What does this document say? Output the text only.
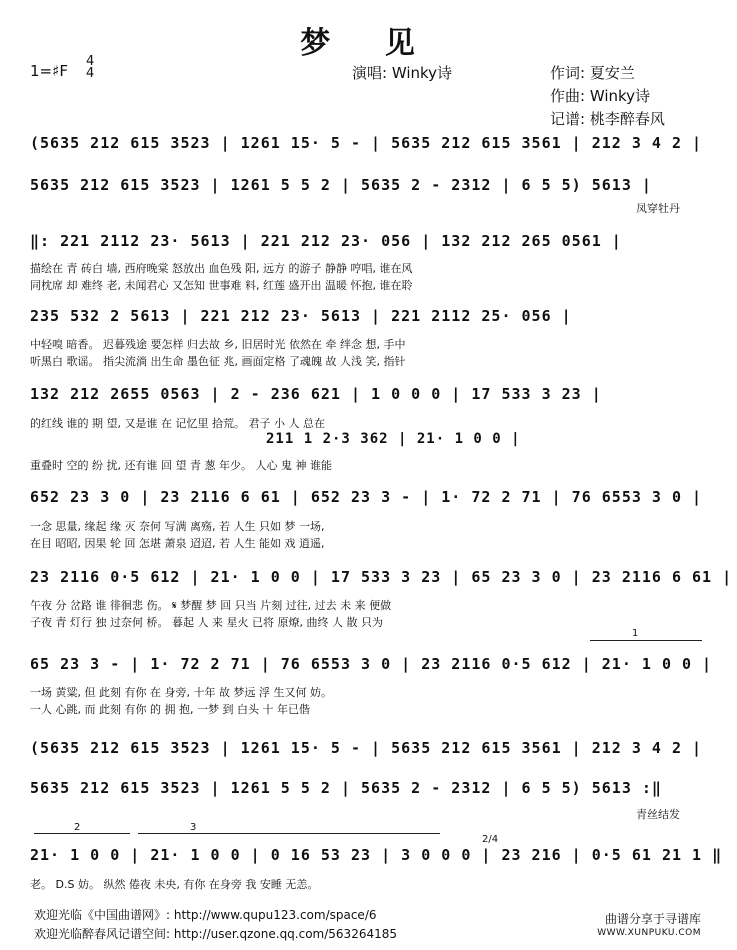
梦 见
1=♯F
4
4	演唱: Winky诗	作词: 夏安兰
作曲: Winky诗
记谱: 桃李醉春风
(5635 212 615 3523 | 1261 15· 5 - | 5635 212 615 3561 | 212 3 4 2 |
5635 212 615 3523 | 1261 5 5 2 | 5635 2 - 2312 | 6 5 5) 5613 |
凤穿牡丹
‖: 221 2112 23· 5613 | 221 212 23· 056 | 132 212 265 0561 |
描绘在 青 砖白 墙, 西府晚棠 怒放出 血色残 阳, 远方 的游子 静静 哼唱, 谁在风
同枕席 却 难终 老, 未闻君心 又怎知 世事难 料, 红莲 盛开出 温暖 怀抱, 谁在聆
235 532 2 5613 | 221 212 23· 5613 | 221 2112 25· 056 |
中轻嗅 暗香。 迟暮残途 要怎样 归去故 乡, 旧居时光 依然在 牵 绊念 想, 手中
听黑白 歌谣。 指尖流淌 出生命 墨色征 兆, 画面定格 了魂魄 故 人浅 笑, 指针
132 212 2655 0563 | 2 - 236 621 | 1 0 0 0 | 17 533 3 23 |
的红线 谁的 期 望, 又是谁 在 记忆里 拾荒。 君子 小 人 总在
211 1 2·3 362 | 21· 1 0 0 |
重叠时 空的 纷 扰, 还有谁 回 望 青 葱 年少。 人心 鬼 神 谁能
652 23 3 0 | 23 2116 6 61 | 652 23 3 - | 1· 72 2 71 | 76 6553 3 0 |
一念 思量, 缘起 缘 灭 奈何 写满 离殇, 若 人生 只如 梦 一场,
在目 昭昭, 因果 轮 回 怎堪 萧泉 迢迢, 若 人生 能如 戏 逍遥,
23 2116 0·5 612 | 21· 1 0 0 | 17 533 3 23 | 65 23 3 0 | 23 2116 6 61 |
午夜 分 岔路 谁 徘徊悲 伤。 𝄋 梦醒 梦 回 只当 片刻 过往, 过去 未 来 便做
子夜 青 灯行 独 过奈何 桥。 暮起 人 来 星火 已将 原燎, 曲终 人 散 只为
1
65 23 3 - | 1· 72 2 71 | 76 6553 3 0 | 23 2116 0·5 612 | 21· 1 0 0 |
一场 黄粱, 但 此刻 有你 在 身旁, 十年 故 梦远 浮 生又何 妨。
一人 心跳, 而 此刻 有你 的 拥 抱, 一梦 到 白头 十 年已偕
(5635 212 615 3523 | 1261 15· 5 - | 5635 212 615 3561 | 212 3 4 2 |
5635 212 615 3523 | 1261 5 5 2 | 5635 2 - 2312 | 6 5 5) 5613 :‖
青丝结发
2	3
2/4
21· 1 0 0 | 21· 1 0 0 | 0 16 53 23 | 3 0 0 0 | 23 216 | 0·5 61 21 1 ‖
老。 D.S 妨。 纵然 倦夜 未央, 有你 在身旁 我 安睡 无恙。
欢迎光临《中国曲谱网》: http://www.qupu123.com/space/6
欢迎光临醉春风记谱空间: http://user.qzone.qq.com/563264185
曲谱分享于寻谱库
WWW.XUNPUKU.COM
